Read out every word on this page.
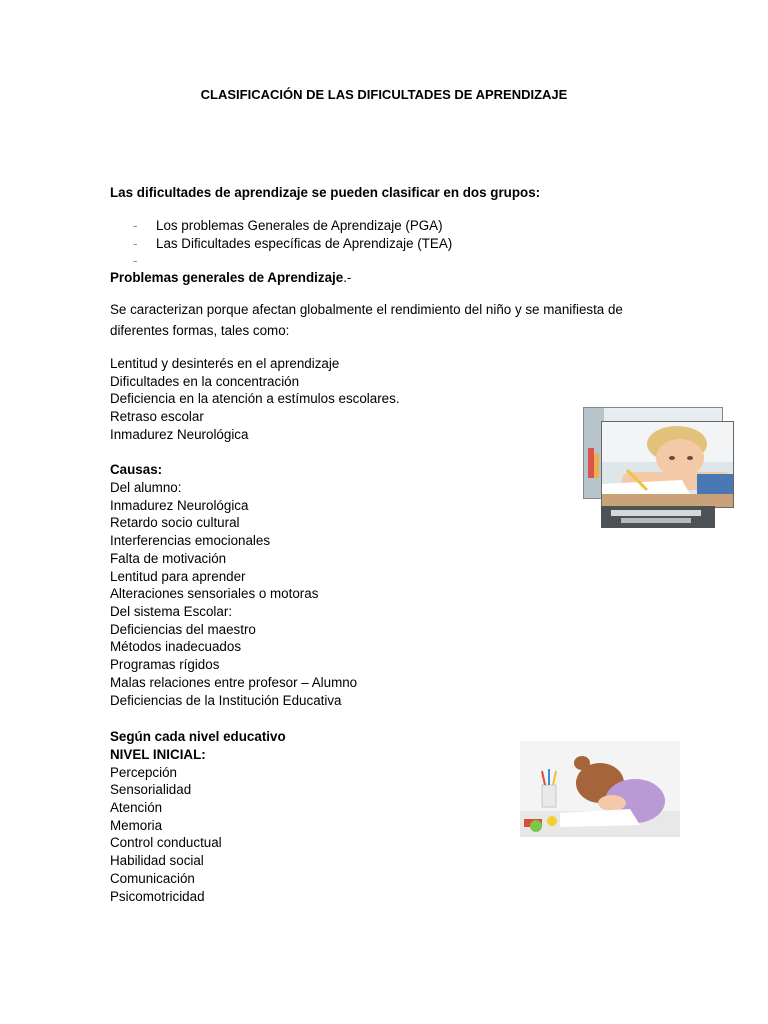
CLASIFICACIÓN DE LAS DIFICULTADES DE APRENDIZAJE
Las dificultades de aprendizaje se pueden clasificar en dos grupos:
- Los problemas Generales de Aprendizaje (PGA)
- Las Dificultades específicas de Aprendizaje (TEA)
-
Problemas generales de Aprendizaje.-
Se caracterizan porque afectan globalmente el rendimiento del niño y se manifiesta de
diferentes formas, tales como:
Lentitud y desinterés en el aprendizaje
Dificultades en la concentración
Deficiencia en la atención a estímulos escolares.
Retraso escolar
Inmadurez Neurológica
Causas:
Del alumno:
Inmadurez Neurológica
Retardo socio cultural
Interferencias emocionales
Falta de motivación
Lentitud para aprender
Alteraciones sensoriales o motoras
Del sistema Escolar:
Deficiencias del maestro
Métodos inadecuados
Programas rígidos
Malas relaciones entre profesor – Alumno
Deficiencias de la Institución Educativa
Según cada nivel educativo
NIVEL INICIAL:
Percepción
Sensorialidad
Atención
Memoria
Control conductual
Habilidad social
Comunicación
Psicomotricidad
